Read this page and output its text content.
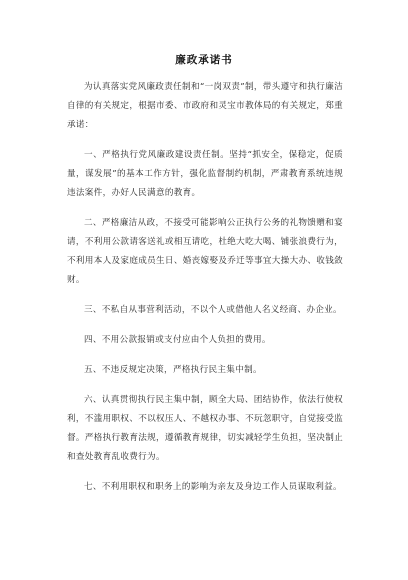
廉政承诺书

为认真落实党风廉政责任制和“一岗双责”制，带头遵守和执行廉洁自律的有关规定，根据市委、市政府和灵宝市教体局的有关规定，郑重承诺：

一、严格执行党风廉政建设责任制。坚持“抓安全，保稳定，促质量，谋发展”的基本工作方针，强化监督制约机制，严肃教育系统违规违法案件，办好人民满意的教育。

二、严格廉洁从政，不接受可能影响公正执行公务的礼物馈赠和宴请，不利用公款请客送礼或相互请吃，杜绝大吃大喝、铺张浪费行为，不利用本人及家庭成员生日、婚丧嫁娶及乔迁等事宜大操大办、收钱敛财。

三、不私自从事营利活动，不以个人或借他人名义经商、办企业。

四、不用公款报销或支付应由个人负担的费用。

五、不违反规定决策，严格执行民主集中制。

六、认真贯彻执行民主集中制，顾全大局、团结协作，依法行使权利，不滥用职权、不以权压人、不越权办事、不玩忽职守，自觉接受监督。严格执行教育法规，遵循教育规律，切实减轻学生负担，坚决制止和查处教育乱收费行为。

七、不利用职权和职务上的影响为亲友及身边工作人员谋取利益。
